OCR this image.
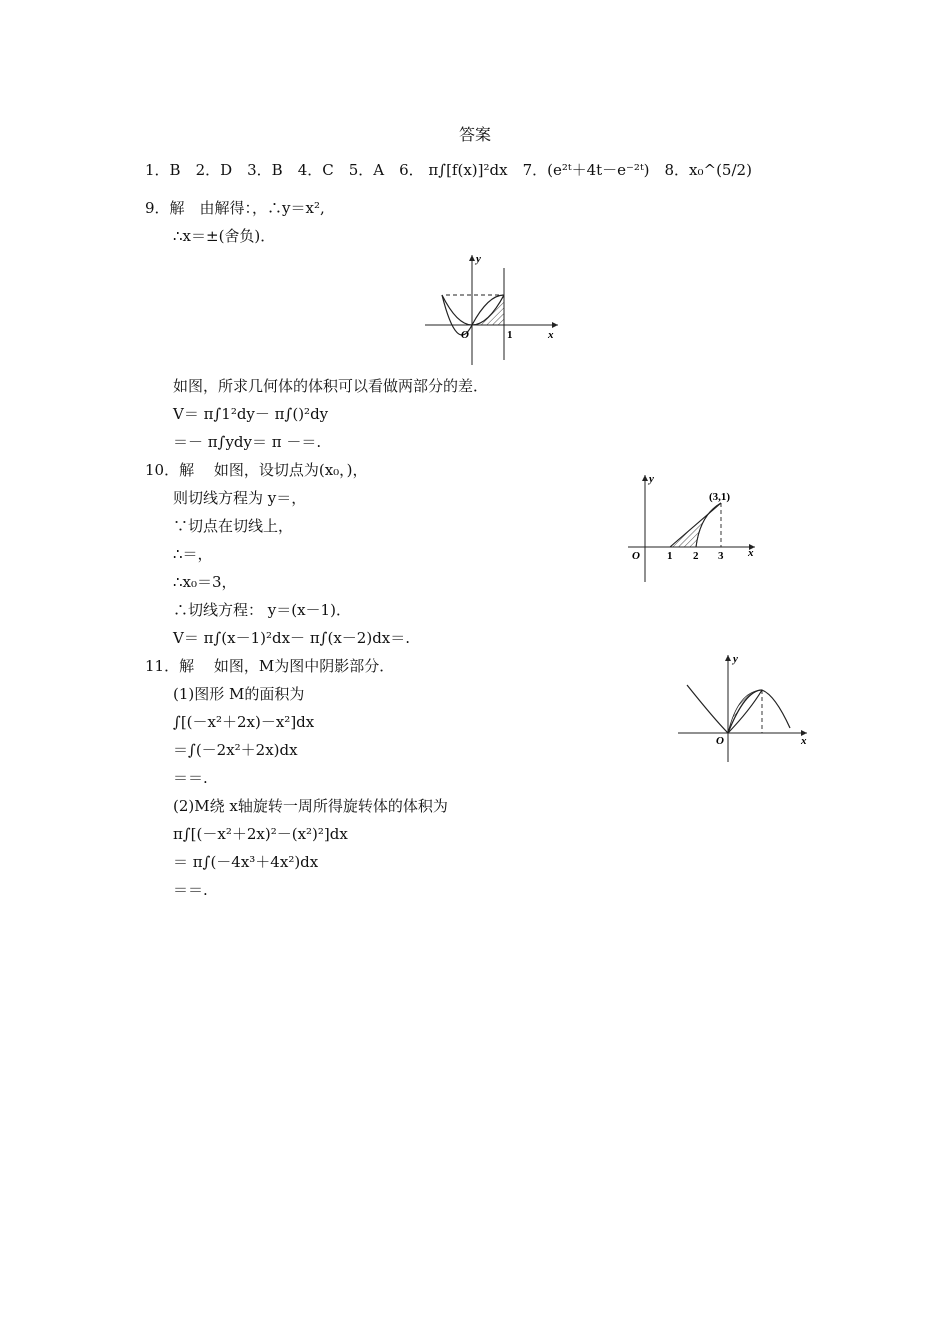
答案
1．B　2．D　3．B　4．C　5．A　6． π∫[f(x)]²dx　7．(e²ᵗ＋4t－e⁻²ᵗ)　8．x₀^(5/2)
9．解　由解得：，∴y＝x²,
∴x＝±(舍负)．
y
x
O	1
如图，所求几何体的体积可以看做两部分的差．
V＝ π∫1²dy－ π∫()²dy
＝－ π∫ydy＝ π －＝.
10．解　 如图，设切点为(x₀，)，
则切线方程为 y＝，
∵切点在切线上，
∴＝，
∴x₀＝3，
∴切线方程： y＝(x－1)．
V＝ π∫(x－1)²dx－ π∫(x－2)dx＝.
y
x
O 1 2 3
(3,1)
11．解　 如图，M为图中阴影部分．
(1)图形 M的面积为
∫[(－x²＋2x)－x²]dx
＝∫(－2x²＋2x)dx
＝＝.
(2)M绕 x轴旋转一周所得旋转体的体积为
π∫[(－x²＋2x)²－(x²)²]dx
＝ π∫(－4x³＋4x²)dx
＝＝.
y
x
O
